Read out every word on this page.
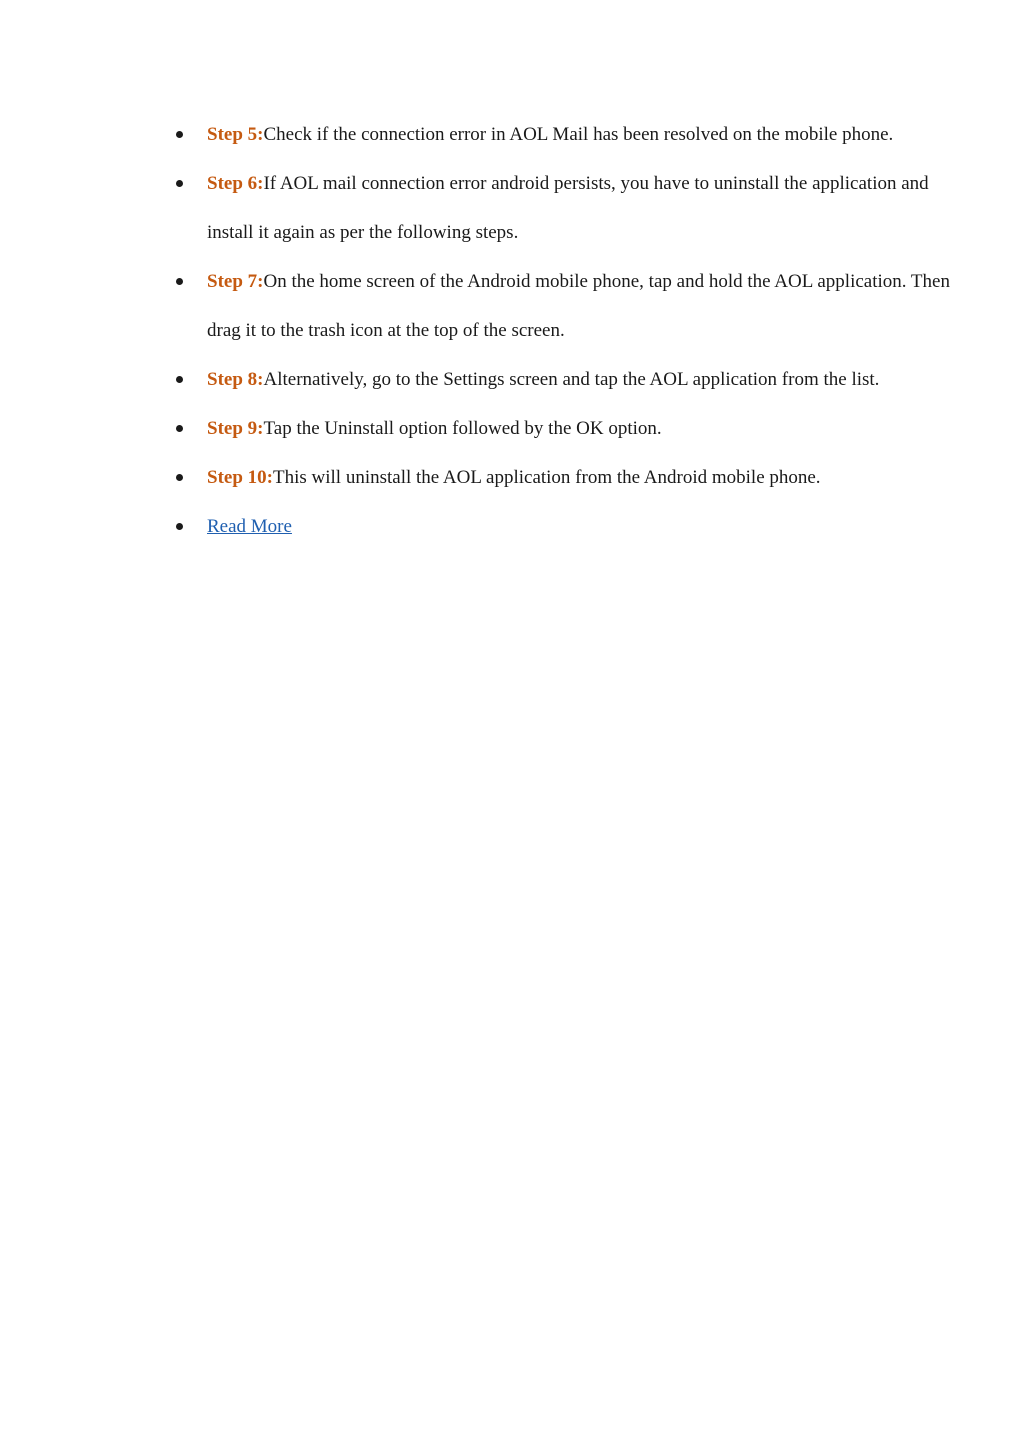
Step 5:Check if the connection error in AOL Mail has been resolved on the mobile phone.
Step 6:If AOL mail connection error android persists, you have to uninstall the application and install it again as per the following steps.
Step 7:On the home screen of the Android mobile phone, tap and hold the AOL application. Then drag it to the trash icon at the top of the screen.
Step 8:Alternatively, go to the Settings screen and tap the AOL application from the list.
Step 9:Tap the Uninstall option followed by the OK option.
Step 10:This will uninstall the AOL application from the Android mobile phone.
Read More
